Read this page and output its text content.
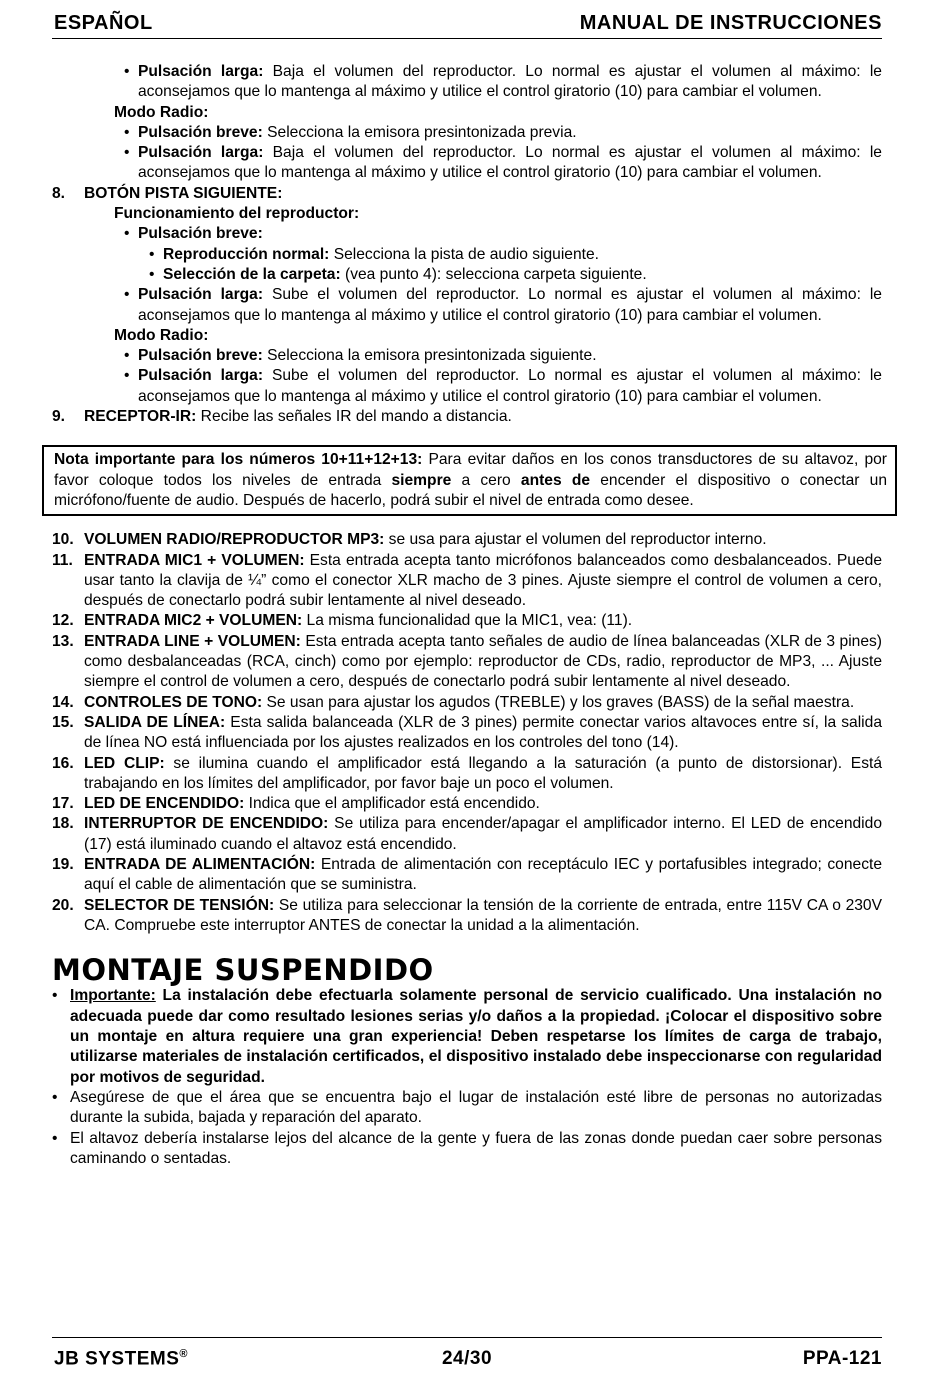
ESPAÑOL	MANUAL DE INSTRUCCIONES
• Pulsación larga: Baja el volumen del reproductor. Lo normal es ajustar el volumen al máximo: le aconsejamos que lo mantenga al máximo y utilice el control giratorio (10) para cambiar el volumen.
Modo Radio:
• Pulsación breve: Selecciona la emisora presintonizada previa.
• Pulsación larga: Baja el volumen del reproductor. Lo normal es ajustar el volumen al máximo: le aconsejamos que lo mantenga al máximo y utilice el control giratorio (10) para cambiar el volumen.
8. BOTÓN PISTA SIGUIENTE:
Funcionamiento del reproductor:
• Pulsación breve:
• Reproducción normal: Selecciona la pista de audio siguiente.
• Selección de la carpeta: (vea punto 4): selecciona carpeta siguiente.
• Pulsación larga: Sube el volumen del reproductor. Lo normal es ajustar el volumen al máximo: le aconsejamos que lo mantenga al máximo y utilice el control giratorio (10) para cambiar el volumen.
Modo Radio:
• Pulsación breve: Selecciona la emisora presintonizada siguiente.
• Pulsación larga: Sube el volumen del reproductor. Lo normal es ajustar el volumen al máximo: le aconsejamos que lo mantenga al máximo y utilice el control giratorio (10) para cambiar el volumen.
9. RECEPTOR-IR: Recibe las señales IR del mando a distancia.
Nota importante para los números 10+11+12+13: Para evitar daños en los conos transductores de su altavoz, por favor coloque todos los niveles de entrada siempre a cero antes de encender el dispositivo o conectar un micrófono/fuente de audio. Después de hacerlo, podrá subir el nivel de entrada como desee.
10. VOLUMEN RADIO/REPRODUCTOR MP3: se usa para ajustar el volumen del reproductor interno.
11. ENTRADA MIC1 + VOLUMEN: Esta entrada acepta tanto micrófonos balanceados como desbalanceados. Puede usar tanto la clavija de ¼” como el conector XLR macho de 3 pines. Ajuste siempre el control de volumen a cero, después de conectarlo podrá subir lentamente al nivel deseado.
12. ENTRADA MIC2 + VOLUMEN: La misma funcionalidad que la MIC1, vea: (11).
13. ENTRADA LINE + VOLUMEN: Esta entrada acepta tanto señales de audio de línea balanceadas (XLR de 3 pines) como desbalanceadas (RCA, cinch) como por ejemplo: reproductor de CDs, radio, reproductor de MP3, ... Ajuste siempre el control de volumen a cero, después de conectarlo podrá subir lentamente al nivel deseado.
14. CONTROLES DE TONO: Se usan para ajustar los agudos (TREBLE) y los graves (BASS) de la señal maestra.
15. SALIDA DE LÍNEA: Esta salida balanceada (XLR de 3 pines) permite conectar varios altavoces entre sí, la salida de línea NO está influenciada por los ajustes realizados en los controles del tono (14).
16. LED CLIP: se ilumina cuando el amplificador está llegando a la saturación (a punto de distorsionar). Está trabajando en los límites del amplificador, por favor baje un poco el volumen.
17. LED DE ENCENDIDO: Indica que el amplificador está encendido.
18. INTERRUPTOR DE ENCENDIDO: Se utiliza para encender/apagar el amplificador interno. El LED de encendido (17) está iluminado cuando el altavoz está encendido.
19. ENTRADA DE ALIMENTACIÓN: Entrada de alimentación con receptáculo IEC y portafusibles integrado; conecte aquí el cable de alimentación que se suministra.
20. SELECTOR DE TENSIÓN: Se utiliza para seleccionar la tensión de la corriente de entrada, entre 115V CA o 230V CA. Compruebe este interruptor ANTES de conectar la unidad a la alimentación.
MONTAJE SUSPENDIDO
• Importante: La instalación debe efectuarla solamente personal de servicio cualificado. Una instalación no adecuada puede dar como resultado lesiones serias y/o daños a la propiedad. ¡Colocar el dispositivo sobre un montaje en altura requiere una gran experiencia! Deben respetarse los límites de carga de trabajo, utilizarse materiales de instalación certificados, el dispositivo instalado debe inspeccionarse con regularidad por motivos de seguridad.
• Asegúrese de que el área que se encuentra bajo el lugar de instalación esté libre de personas no autorizadas durante la subida, bajada y reparación del aparato.
• El altavoz debería instalarse lejos del alcance de la gente y fuera de las zonas donde puedan caer sobre personas caminando o sentadas.
JB SYSTEMS®	24/30	PPA-121
